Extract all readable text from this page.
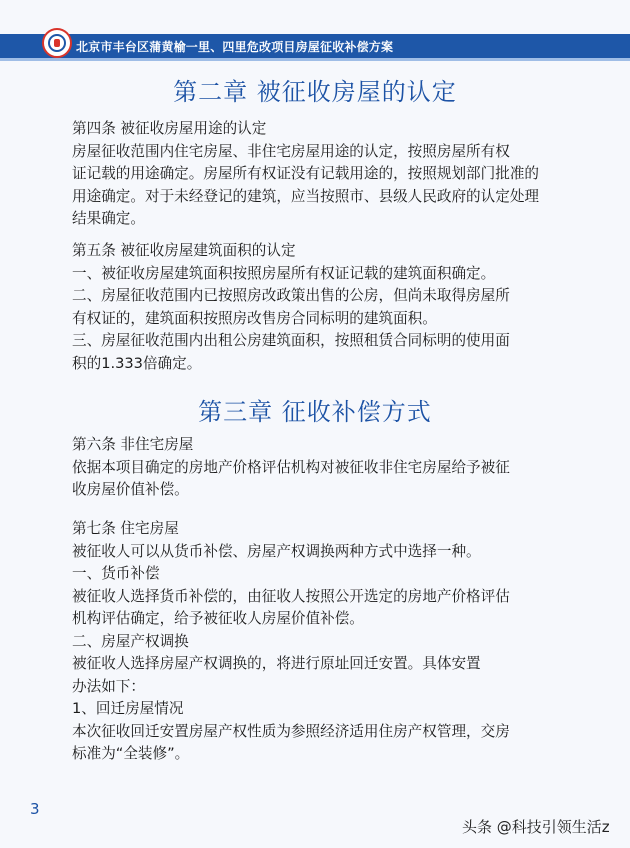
北京市丰台区蒲黄榆一里、四里危改项目房屋征收补偿方案
第二章 被征收房屋的认定

第四条 被征收房屋用途的认定

房屋征收范围内住宅房屋、非住宅房屋用途的认定，按照房屋所有权

证记载的用途确定。房屋所有权证没有记载用途的，按照规划部门批准的

用途确定。对于未经登记的建筑，应当按照市、县级人民政府的认定处理

结果确定。

第五条 被征收房屋建筑面积的认定

一、被征收房屋建筑面积按照房屋所有权证记载的建筑面积确定。

二、房屋征收范围内已按照房改政策出售的公房，但尚未取得房屋所

有权证的，建筑面积按照房改售房合同标明的建筑面积。

三、房屋征收范围内出租公房建筑面积，按照租赁合同标明的使用面

积的1.333倍确定。

第三章 征收补偿方式

第六条 非住宅房屋

依据本项目确定的房地产价格评估机构对被征收非住宅房屋给予被征

收房屋价值补偿。

第七条 住宅房屋

被征收人可以从货币补偿、房屋产权调换两种方式中选择一种。

一、货币补偿

被征收人选择货币补偿的，由征收人按照公开选定的房地产价格评估

机构评估确定，给予被征收人房屋价值补偿。

二、房屋产权调换

被征收人选择房屋产权调换的，将进行原址回迁安置。具体安置

办法如下：

1、回迁房屋情况

本次征收回迁安置房屋产权性质为参照经济适用住房产权管理，交房

标准为“全装修”。

3
头条 @科技引领生活z
